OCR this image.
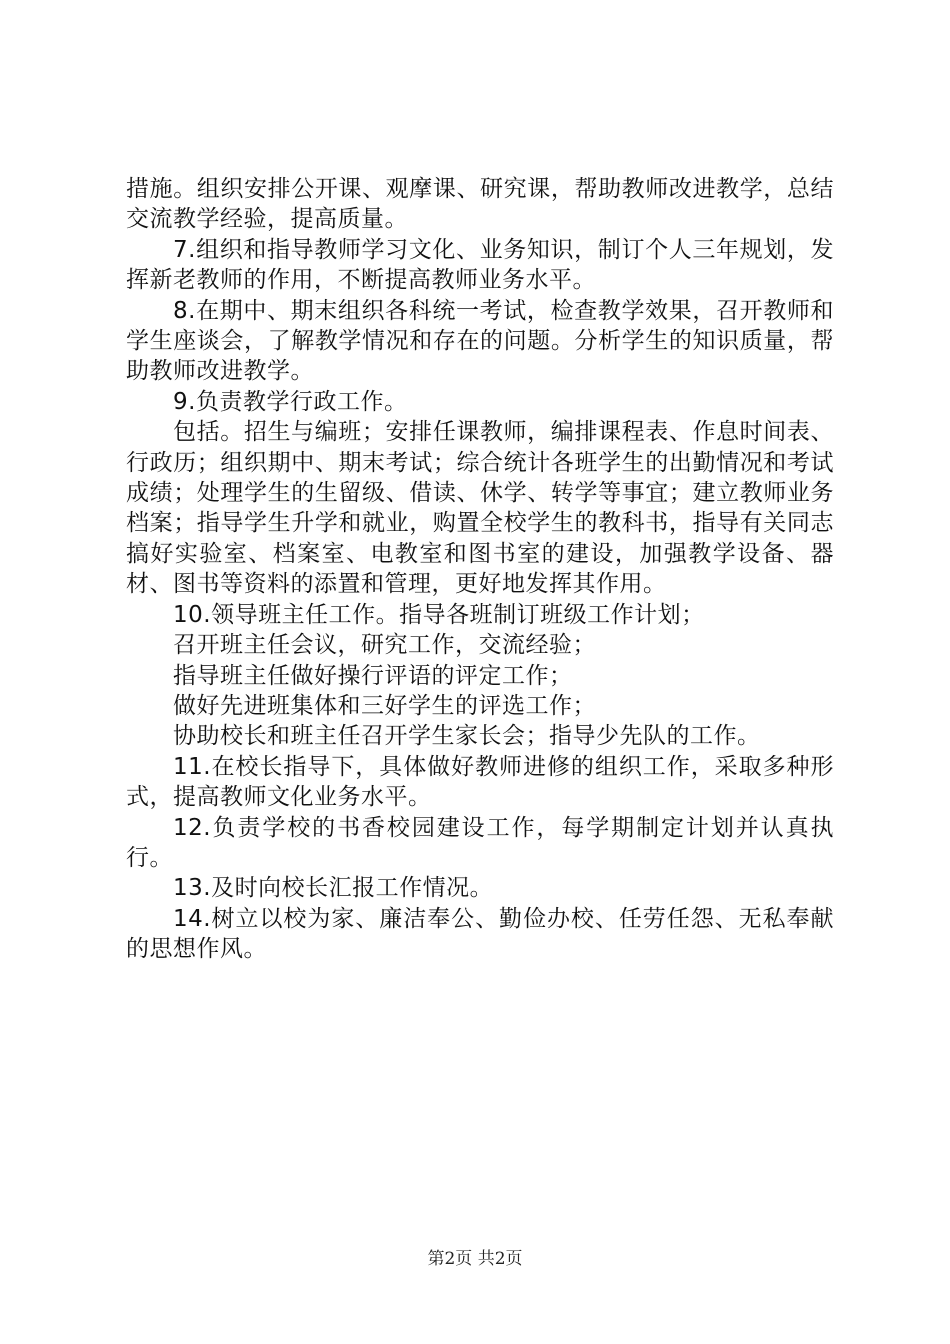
措施。组织安排公开课、观摩课、研究课，帮助教师改进教学，总结交流教学经验，提高质量。

7.组织和指导教师学习文化、业务知识，制订个人三年规划，发挥新老教师的作用，不断提高教师业务水平。

8.在期中、期末组织各科统一考试，检查教学效果，召开教师和学生座谈会，了解教学情况和存在的问题。分析学生的知识质量，帮助教师改进教学。

9.负责教学行政工作。

包括。招生与编班；安排任课教师，编排课程表、作息时间表、行政历；组织期中、期末考试；综合统计各班学生的出勤情况和考试成绩；处理学生的生留级、借读、休学、转学等事宜；建立教师业务档案；指导学生升学和就业，购置全校学生的教科书，指导有关同志搞好实验室、档案室、电教室和图书室的建设，加强教学设备、器材、图书等资料的添置和管理，更好地发挥其作用。

10.领导班主任工作。指导各班制订班级工作计划；

召开班主任会议，研究工作，交流经验；

指导班主任做好操行评语的评定工作；

做好先进班集体和三好学生的评选工作；

协助校长和班主任召开学生家长会；指导少先队的工作。

11.在校长指导下，具体做好教师进修的组织工作，采取多种形式，提高教师文化业务水平。

12.负责学校的书香校园建设工作，每学期制定计划并认真执行。

13.及时向校长汇报工作情况。

14.树立以校为家、廉洁奉公、勤俭办校、任劳任怨、无私奉献的思想作风。

第2页 共2页
